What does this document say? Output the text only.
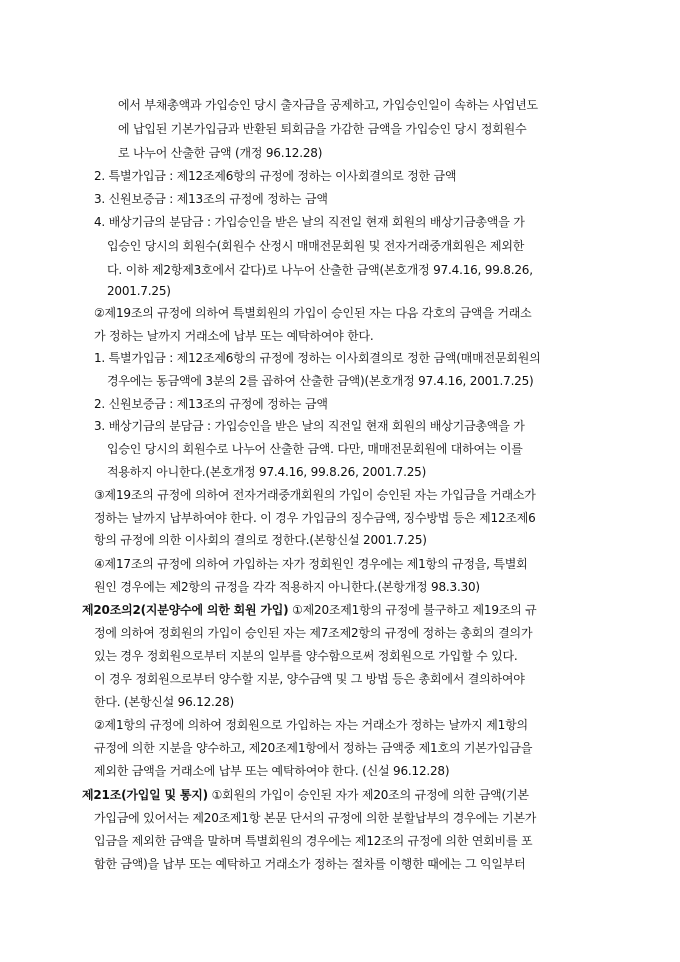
에서 부채총액과 가입승인 당시 출자금을 공제하고, 가입승인일이 속하는 사업년도
에 납입된 기본가입금과 반환된 퇴회금을 가감한 금액을 가입승인 당시 정회원수
로 나누어 산출한 금액 (개정 96.12.28)
2. 특별가입금 : 제12조제6항의 규정에 정하는 이사회결의로 정한 금액
3. 신원보증금 : 제13조의 규정에 정하는 금액
4. 배상기금의 분담금 : 가입승인을 받은 날의 직전일 현재 회원의 배상기금총액을 가
입승인 당시의 회원수(회원수 산정시 매매전문회원 및 전자거래중개회원은 제외한
다. 이하 제2항제3호에서 같다)로 나누어 산출한 금액(본호개정 97.4.16, 99.8.26,
2001.7.25)
②제19조의 규정에 의하여 특별회원의 가입이 승인된 자는 다음 각호의 금액을 거래소
가 정하는 날까지 거래소에 납부 또는 예탁하여야 한다.
1. 특별가입금 : 제12조제6항의 규정에 정하는 이사회결의로 정한 금액(매매전문회원의
경우에는 동금액에 3분의 2를 곱하여 산출한 금액)(본호개정 97.4.16, 2001.7.25)
2. 신원보증금 : 제13조의 규정에 정하는 금액
3. 배상기금의 분담금 : 가입승인을 받은 날의 직전일 현재 회원의 배상기금총액을 가
입승인 당시의 회원수로 나누어 산출한 금액. 다만, 매매전문회원에 대하여는 이를
적용하지 아니한다.(본호개정 97.4.16, 99.8.26, 2001.7.25)
③제19조의 규정에 의하여 전자거래중개회원의 가입이 승인된 자는 가입금을 거래소가
정하는 날까지 납부하여야 한다. 이 경우 가입금의 징수금액, 징수방법 등은 제12조제6
항의 규정에 의한 이사회의 결의로 정한다.(본항신설 2001.7.25)
④제17조의 규정에 의하여 가입하는 자가 정회원인 경우에는 제1항의 규정을, 특별회
원인 경우에는 제2항의 규정을 각각 적용하지 아니한다.(본항개정 98.3.30)
제20조의2(지분양수에 의한 회원 가입) ①제20조제1항의 규정에 불구하고 제19조의 규
정에 의하여 정회원의 가입이 승인된 자는 제7조제2항의 규정에 정하는 총회의 결의가
있는 경우 정회원으로부터 지분의 일부를 양수함으로써 정회원으로 가입할 수 있다.
이 경우 정회원으로부터 양수할 지분, 양수금액 및 그 방법 등은 총회에서 결의하여야
한다. (본항신설 96.12.28)
②제1항의 규정에 의하여 정회원으로 가입하는 자는 거래소가 정하는 날까지 제1항의
규정에 의한 지분을 양수하고, 제20조제1항에서 정하는 금액중 제1호의 기본가입금을
제외한 금액을 거래소에 납부 또는 예탁하여야 한다. (신설 96.12.28)
제21조(가입일 및 통지) ①회원의 가입이 승인된 자가 제20조의 규정에 의한 금액(기본
가입금에 있어서는 제20조제1항 본문 단서의 규정에 의한 분할납부의 경우에는 기본가
입금을 제외한 금액을 말하며 특별회원의 경우에는 제12조의 규정에 의한 연회비를 포
함한 금액)을 납부 또는 예탁하고 거래소가 정하는 절차를 이행한 때에는 그 익일부터
